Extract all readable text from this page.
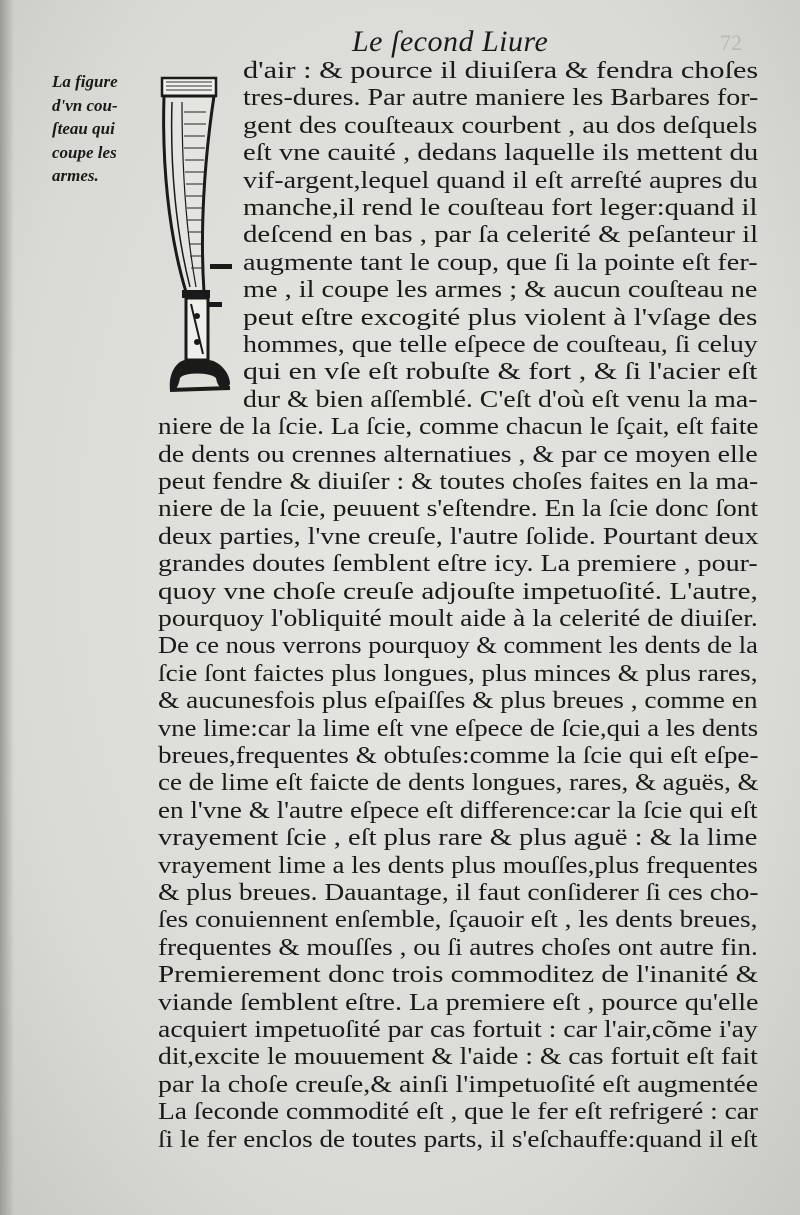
Le ſecond Liure	72
La figure
d'vn cou-
ſteau qui
coupe les
armes.
d'air : & pource il diuiſera & fendra choſes
tres-dures. Par autre maniere les Barbares for-
gent des couſteaux courbent , au dos deſquels
eſt vne cauité , dedans laquelle ils mettent du
vif-argent,lequel quand il eſt arreſté aupres du
manche,il rend le couſteau fort leger:quand il
deſcend en bas , par ſa celerité & peſanteur il
augmente tant le coup, que ſi la pointe eſt fer-
me , il coupe les armes ; & aucun couſteau ne
peut eſtre excogité plus violent à l'vſage des
hommes, que telle eſpece de couſteau, ſi celuy
qui en vſe eſt robuſte & fort , & ſi l'acier eſt
dur & bien aſſemblé. C'eſt d'où eſt venu la ma-
niere de la ſcie. La ſcie, comme chacun le ſçait, eſt faite
de dents ou crennes alternatiues , & par ce moyen elle
peut fendre & diuiſer : & toutes choſes faites en la ma-
niere de la ſcie, peuuent s'eſtendre. En la ſcie donc ſont
deux parties, l'vne creuſe, l'autre ſolide. Pourtant deux
grandes doutes ſemblent eſtre icy. La premiere , pour-
quoy vne choſe creuſe adjouſte impetuoſité. L'autre,
pourquoy l'obliquité moult aide à la celerité de diuiſer.
De ce nous verrons pourquoy & comment les dents de la
ſcie ſont faictes plus longues, plus minces & plus rares,
& aucunesfois plus eſpaiſſes & plus breues , comme en
vne lime:car la lime eſt vne eſpece de ſcie,qui a les dents
breues,frequentes & obtuſes:comme la ſcie qui eſt eſpe-
ce de lime eſt faicte de dents longues, rares, & aguës, &
en l'vne & l'autre eſpece eſt difference:car la ſcie qui eſt
vrayement ſcie , eſt plus rare & plus aguë : & la lime
vrayement lime a les dents plus mouſſes,plus frequentes
& plus breues. Dauantage, il faut conſiderer ſi ces cho-
ſes conuiennent enſemble, ſçauoir eſt , les dents breues,
frequentes & mouſſes , ou ſi autres choſes ont autre fin.
Premierement donc trois commoditez de l'inanité &
viande ſemblent eſtre. La premiere eſt , pource qu'elle
acquiert impetuoſité par cas fortuit : car l'air,cõme i'ay
dit,excite le mouuement & l'aide : & cas fortuit eſt fait
par la choſe creuſe,& ainſi l'impetuoſité eſt augmentée
La ſeconde commodité eſt , que le fer eſt refrigeré : car
ſi le fer enclos de toutes parts, il s'eſchauffe:quand il eſt
